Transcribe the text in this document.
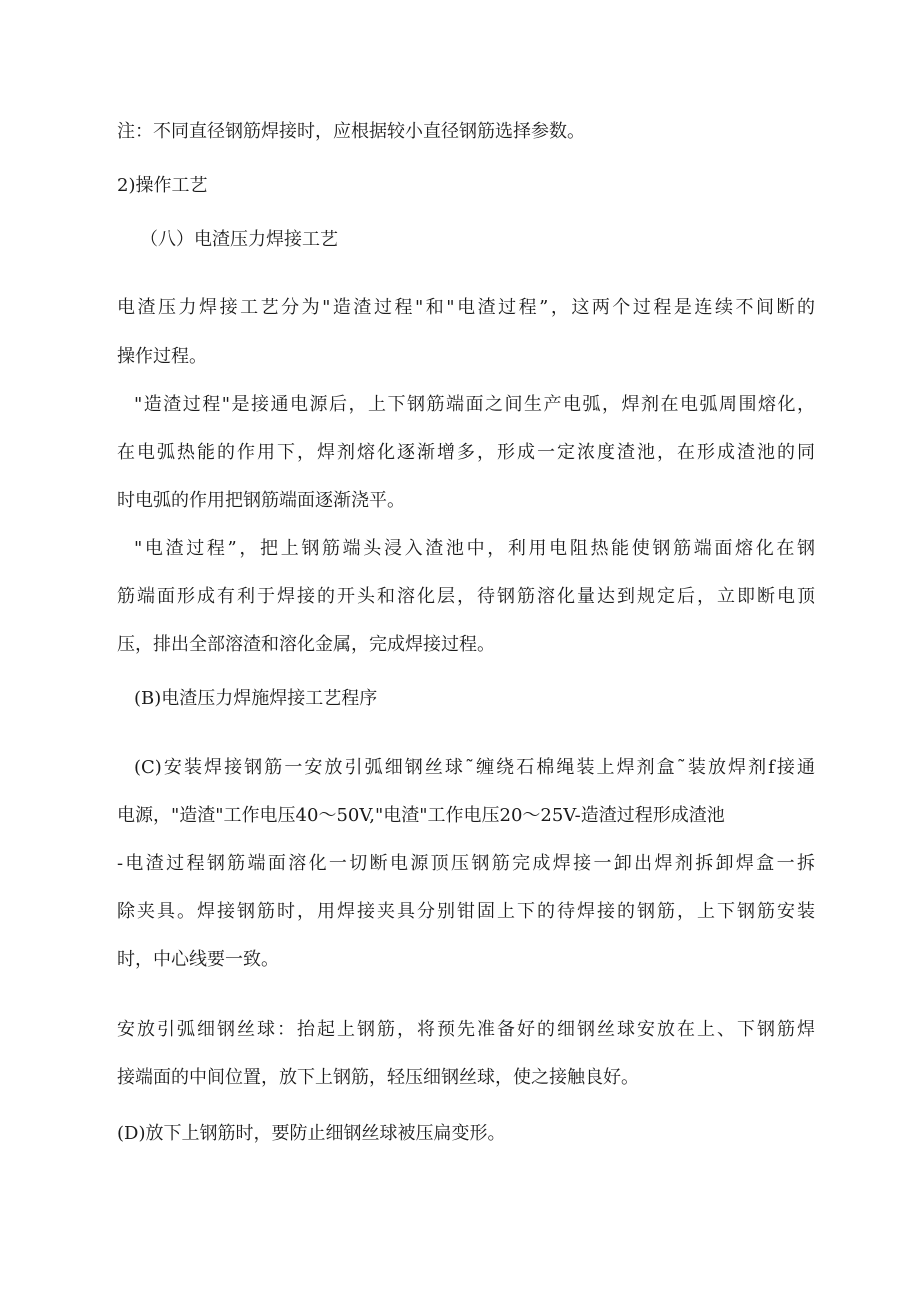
注：不同直径钢筋焊接时，应根据较小直径钢筋选择参数。
2)操作工艺
（八）电渣压力焊接工艺
电渣压力焊接工艺分为"造渣过程"和"电渣过程”，这两个过程是连续不间断的
操作过程。
"造渣过程"是接通电源后，上下钢筋端面之间生产电弧，焊剂在电弧周围熔化，
在电弧热能的作用下，焊剂熔化逐渐增多，形成一定浓度渣池，在形成渣池的同
时电弧的作用把钢筋端面逐渐浇平。
"电渣过程”，把上钢筋端头浸入渣池中，利用电阻热能使钢筋端面熔化在钢
筋端面形成有利于焊接的开头和溶化层，待钢筋溶化量达到规定后，立即断电顶
压，排出全部溶渣和溶化金属，完成焊接过程。
(B)电渣压力焊施焊接工艺程序
(C)安装焊接钢筋一安放引弧细钢丝球˜缠绕石棉绳装上焊剂盒˜装放焊剂f接通
电源，"造渣"工作电压40～50V,"电渣"工作电压20～25V-造渣过程形成渣池
-电渣过程钢筋端面溶化一切断电源顶压钢筋完成焊接一卸出焊剂拆卸焊盒一拆
除夹具。焊接钢筋时，用焊接夹具分别钳固上下的待焊接的钢筋，上下钢筋安装
时，中心线要一致。
安放引弧细钢丝球：抬起上钢筋，将预先准备好的细钢丝球安放在上、下钢筋焊
接端面的中间位置，放下上钢筋，轻压细钢丝球，使之接触良好。
(D)放下上钢筋时，要防止细钢丝球被压扁变形。
